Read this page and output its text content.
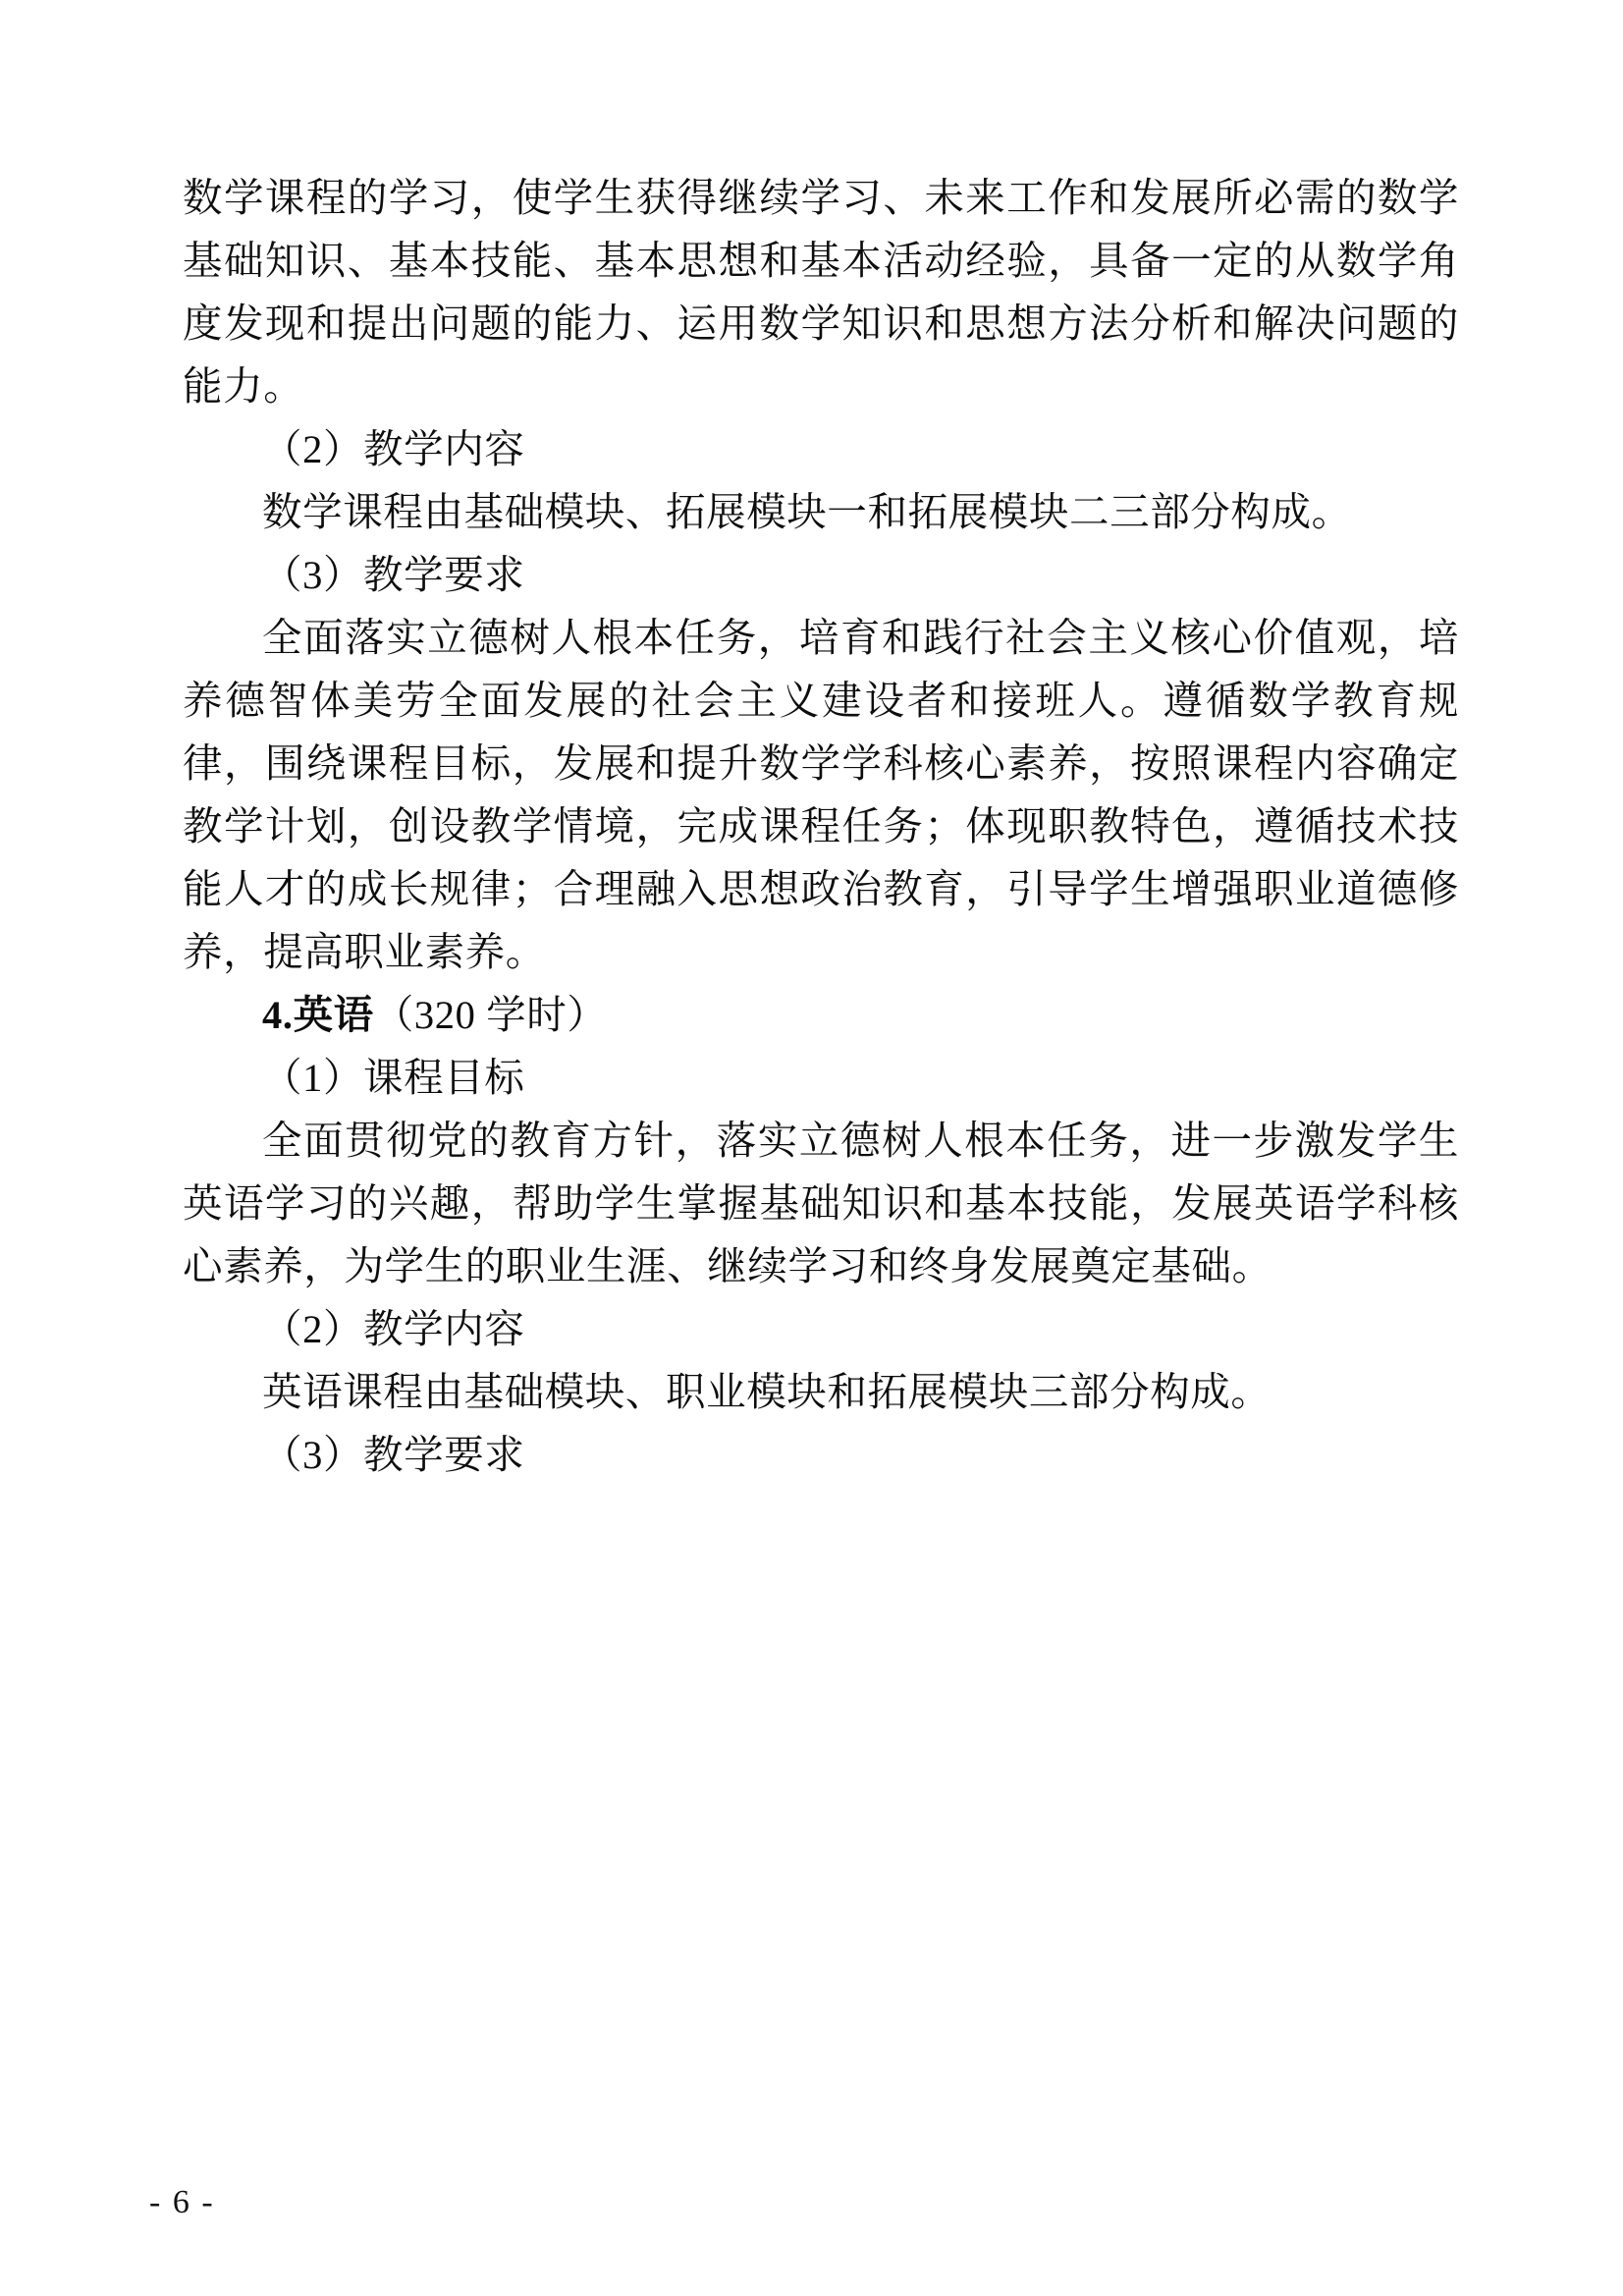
数学课程的学习，使学生获得继续学习、未来工作和发展所必需的数学基础知识、基本技能、基本思想和基本活动经验，具备一定的从数学角度发现和提出问题的能力、运用数学知识和思想方法分析和解决问题的能力。

（2）教学内容

数学课程由基础模块、拓展模块一和拓展模块二三部分构成。

（3）教学要求

全面落实立德树人根本任务，培育和践行社会主义核心价值观，培养德智体美劳全面发展的社会主义建设者和接班人。遵循数学教育规律，围绕课程目标，发展和提升数学学科核心素养，按照课程内容确定教学计划，创设教学情境，完成课程任务；体现职教特色，遵循技术技能人才的成长规律；合理融入思想政治教育，引导学生增强职业道德修养，提高职业素养。

4.英语（320 学时）

（1）课程目标

全面贯彻党的教育方针，落实立德树人根本任务，进一步激发学生英语学习的兴趣，帮助学生掌握基础知识和基本技能，发展英语学科核心素养，为学生的职业生涯、继续学习和终身发展奠定基础。

（2）教学内容

英语课程由基础模块、职业模块和拓展模块三部分构成。

（3）教学要求

- 6 -
